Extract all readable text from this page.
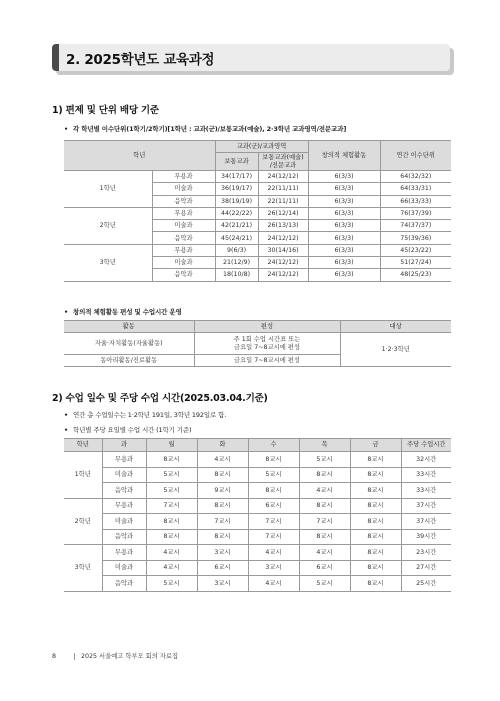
2. 2025학년도 교육과정
1) 편제 및 단위 배당 기준
• 각 학년별 이수단위(1학기/2학기)[1학년 : 교과(군)/보통교과(예술), 2·3학년 교과영역/전문교과]
학년		교과(군)/교과영역		창의적 체험활동	연간 이수단위
		보통교과	보통교과(예술)
/전문교과		
1학년	무용과	34(17/17)	24(12/12)	6(3/3)	64(32/32)
	미술과	36(19/17)	22(11/11)	6(3/3)	64(33/31)
	음악과	38(19/19)	22(11/11)	6(3/3)	66(33/33)
2학년	무용과	44(22/22)	26(12/14)	6(3/3)	76(37/39)
	미술과	42(21/21)	26(13/13)	6(3/3)	74(37/37)
	음악과	45(24/21)	24(12/12)	6(3/3)	75(39/36)
3학년	무용과	9(6/3)	30(14/16)	6(3/3)	45(23/22)
	미술과	21(12/9)	24(12/12)	6(3/3)	51(27/24)
	음악과	18(10/8)	24(12/12)	6(3/3)	48(25/23)
• 창의적 체험활동 편성 및 수업시간 운영
활동	편성	대상
자율·자치활동(자율활동)	주 1회 수업 시간표 또는
금요일 7~8교시에 편성	1·2·3학년
동아리활동/진로활동	금요일 7~8교시에 편성	
2) 수업 일수 및 주당 수업 시간(2025.03.04.기준)
• 연간 총 수업일수는 1·2학년 191일, 3학년 192일로 함.
• 학년별 주당 요일별 수업 시간 (1학기 기준)
학년	과	월	화	수	목	금	주당 수업시간
1학년	무용과	8교시	4교시	8교시	5교시	8교시	32시간
	미술과	5교시	8교시	5교시	8교시	8교시	33시간
	음악과	5교시	9교시	8교시	4교시	8교시	33시간
2학년	무용과	7교시	8교시	6교시	8교시	8교시	37시간
	미술과	8교시	7교시	7교시	7교시	8교시	37시간
	음악과	8교시	8교시	7교시	8교시	8교시	39시간
3학년	무용과	4교시	3교시	4교시	4교시	8교시	23시간
	미술과	4교시	6교시	3교시	6교시	8교시	27시간
	음악과	5교시	3교시	4교시	5교시	8교시	25시간
8	2025 서울예고 학부모 회의 자료집
